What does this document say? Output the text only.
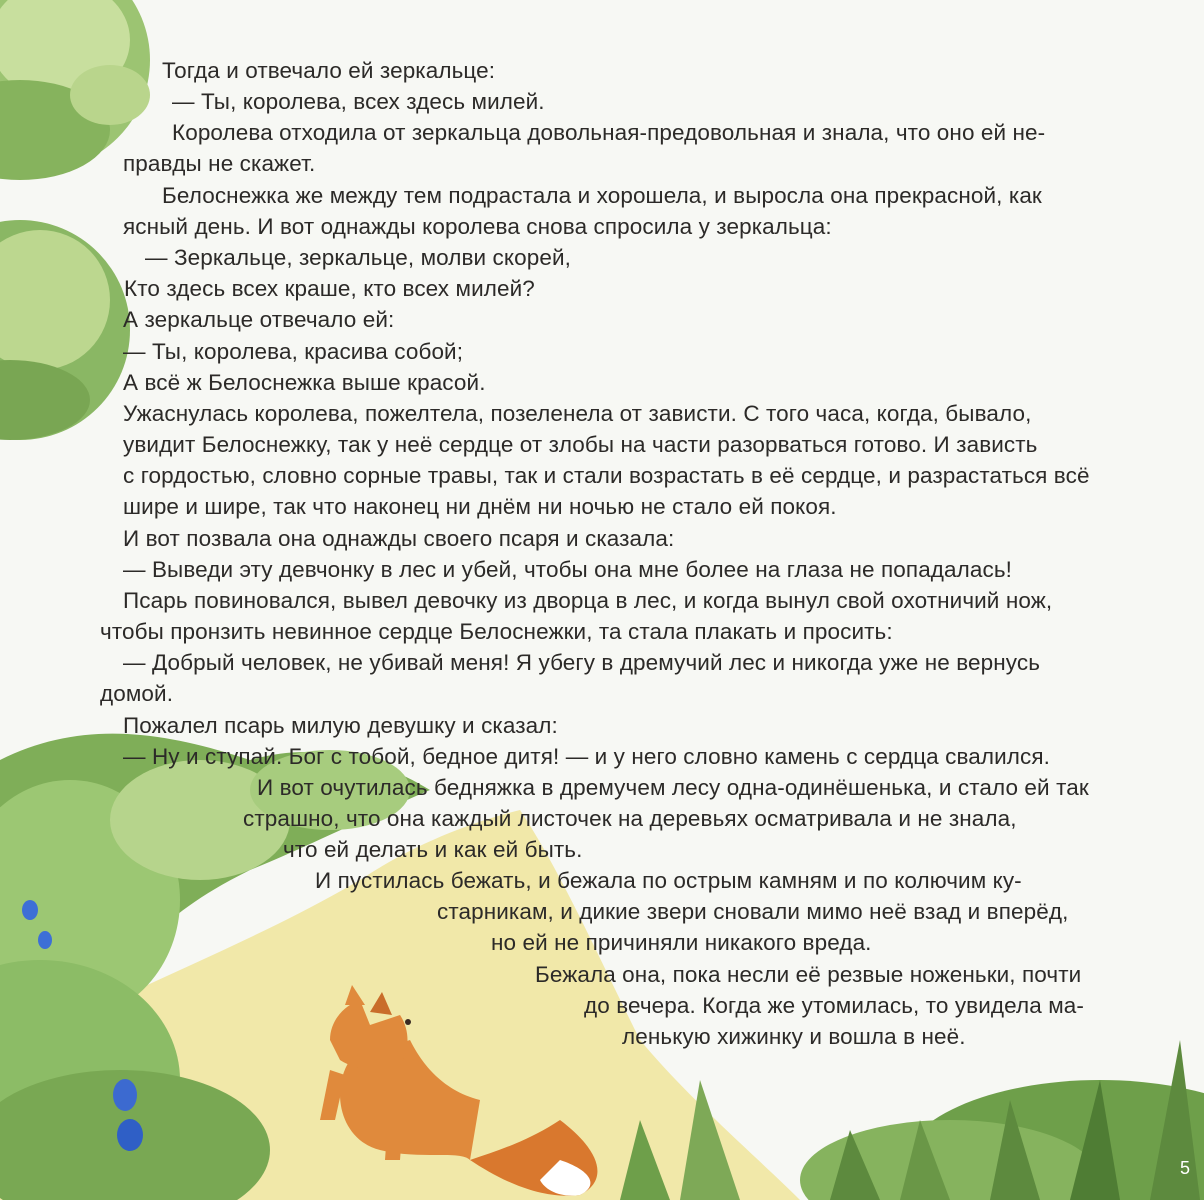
Тогда и отвечало ей зеркальце:
— Ты, королева, всех здесь милей.
Королева отходила от зеркальца довольная-предовольная и знала, что оно ей не-
правды не скажет.
Белоснежка же между тем подрастала и хорошела, и выросла она прекрасной, как
ясный день. И вот однажды королева снова спросила у зеркальца:
— Зеркальце, зеркальце, молви скорей,
Кто здесь всех краше, кто всех милей?
А зеркальце отвечало ей:
— Ты, королева, красива собой;
А всё ж Белоснежка выше красой.
Ужаснулась королева, пожелтела, позеленела от зависти. С того часа, когда, бывало,
увидит Белоснежку, так у неё сердце от злобы на части разорваться готово. И зависть
с гордостью, словно сорные травы, так и стали возрастать в её сердце, и разрастаться всё
шире и шире, так что наконец ни днём ни ночью не стало ей покоя.
И вот позвала она однажды своего псаря и сказала:
— Выведи эту девчонку в лес и убей, чтобы она мне более на глаза не попадалась!
Псарь повиновался, вывел девочку из дворца в лес, и когда вынул свой охотничий нож,
чтобы пронзить невинное сердце Белоснежки, та стала плакать и просить:
— Добрый человек, не убивай меня! Я убегу в дремучий лес и никогда уже не вернусь
домой.
Пожалел псарь милую девушку и сказал:
— Ну и ступай. Бог с тобой, бедное дитя! — и у него словно камень с сердца свалился.
И вот очутилась бедняжка в дремучем лесу одна-одинёшенька, и стало ей так
страшно, что она каждый листочек на деревьях осматривала и не знала,
что ей делать и как ей быть.
И пустилась бежать, и бежала по острым камням и по колючим ку-
старникам, и дикие звери сновали мимо неё взад и вперёд,
но ей не причиняли никакого вреда.
Бежала она, пока несли её резвые ноженьки, почти
до вечера. Когда же утомилась, то увидела ма-
ленькую хижинку и вошла в неё.
5
